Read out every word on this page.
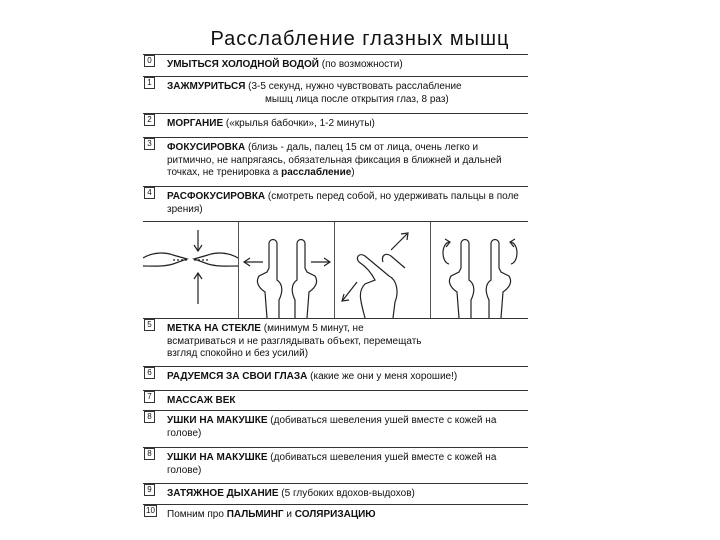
Расслабление глазных мышц
0	УМЫТЬСЯ ХОЛОДНОЙ ВОДОЙ (по возможности)
1	ЗАЖМУРИТЬСЯ (3-5 секунд, нужно чувствовать расслабление
мышц лица после открытия глаз, 8 раз)
2	МОРГАНИЕ («крылья бабочки», 1-2 минуты)
3	ФОКУСИРОВКА (близь - даль, палец 15 см от лица, очень легко и ритмично, не напрягаясь, обязательная фиксация в ближней и дальней точках, не тренировка а расслабление)
4	РАСФОКУСИРОВКА (смотреть перед собой, но удерживать пальцы в поле зрения)
5	МЕТКА НА СТЕКЛЕ (минимум 5 минут, не всматриваться и не разглядывать объект, перемещать взгляд спокойно и без усилий)
6	РАДУЕМСЯ ЗА СВОИ ГЛАЗА (какие же они у меня хорошие!)
7	МАССАЖ ВЕК
8	УШКИ НА МАКУШКЕ (добиваться шевеления ушей вместе с кожей на голове)
8	УШКИ НА МАКУШКЕ (добиваться шевеления ушей вместе с кожей на голове)
9	ЗАТЯЖНОЕ ДЫХАНИЕ (5 глубоких вдохов-выдохов)
10 Помним про ПАЛЬМИНГ и СОЛЯРИЗАЦИЮ
